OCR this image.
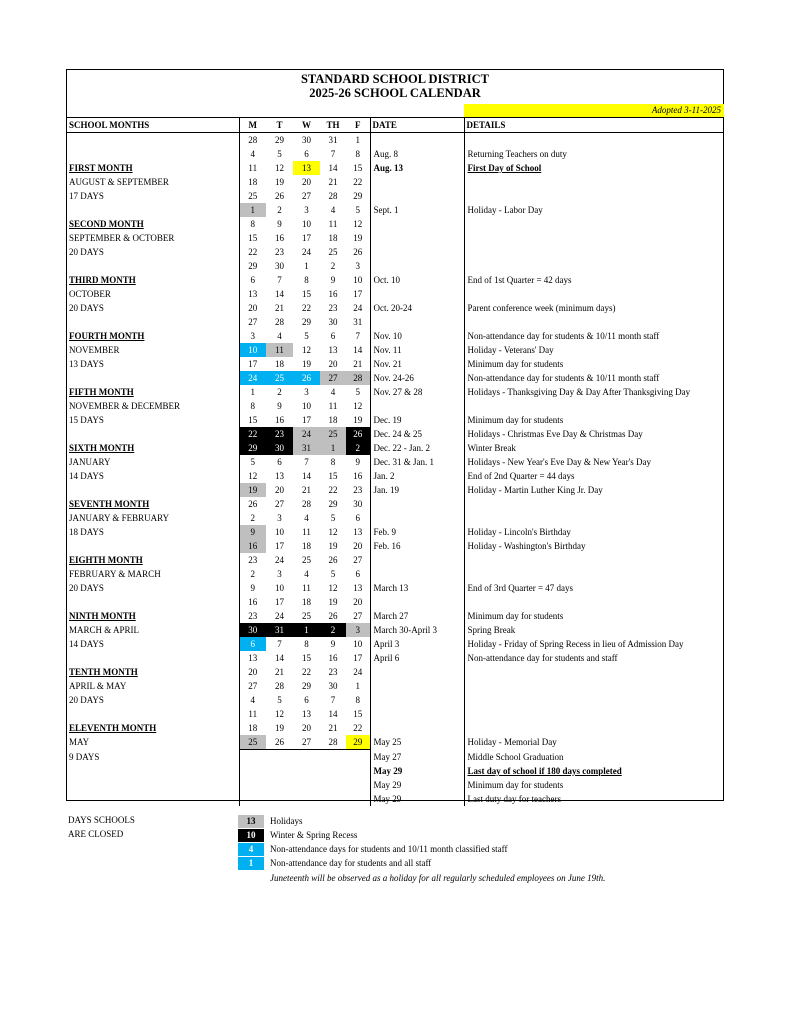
STANDARD SCHOOL DISTRICT
2025-26 SCHOOL CALENDAR
Adopted 3-11-2025
SCHOOL MONTHS	M	T	W	TH	F	DATE	DETAILS
	28	29	30	31	1		
	4	5	6	7	8	Aug. 8	Returning Teachers on duty
FIRST MONTH	11	12	13	14	15	Aug. 13	First Day of School
AUGUST & SEPTEMBER	18	19	20	21	22		
17 DAYS	25	26	27	28	29		
	1	2	3	4	5	Sept. 1	Holiday - Labor Day
SECOND MONTH	8	9	10	11	12		
SEPTEMBER & OCTOBER	15	16	17	18	19		
20 DAYS	22	23	24	25	26		
	29	30	1	2	3		
THIRD MONTH	6	7	8	9	10	Oct. 10	End of 1st Quarter = 42 days
OCTOBER	13	14	15	16	17		
20 DAYS	20	21	22	23	24	Oct. 20-24	Parent conference week (minimum days)
	27	28	29	30	31		
FOURTH MONTH	3	4	5	6	7	Nov. 10	Non-attendance day for students & 10/11 month staff
NOVEMBER	10	11	12	13	14	Nov. 11	Holiday - Veterans' Day
13 DAYS	17	18	19	20	21	Nov. 21	Minimum day for students
	24	25	26	27	28	Nov. 24-26	Non-attendance day for students & 10/11 month staff
FIFTH MONTH	1	2	3	4	5	Nov. 27 & 28	Holidays - Thanksgiving Day & Day After Thanksgiving Day
NOVEMBER & DECEMBER	8	9	10	11	12		
15 DAYS	15	16	17	18	19	Dec. 19	Minimum day for students
	22	23	24	25	26	Dec. 24 & 25	Holidays - Christmas Eve Day & Christmas Day
SIXTH MONTH	29	30	31	1	2	Dec. 22 - Jan. 2	Winter Break
JANUARY	5	6	7	8	9	Dec. 31 & Jan. 1	Holidays - New Year's Eve Day & New Year's Day
14 DAYS	12	13	14	15	16	Jan. 2	End of 2nd Quarter = 44 days
	19	20	21	22	23	Jan. 19	Holiday - Martin Luther King Jr. Day
SEVENTH MONTH	26	27	28	29	30		
JANUARY & FEBRUARY	2	3	4	5	6		
18 DAYS	9	10	11	12	13	Feb. 9	Holiday - Lincoln's Birthday
	16	17	18	19	20	Feb. 16	Holiday - Washington's Birthday
EIGHTH MONTH	23	24	25	26	27		
FEBRUARY & MARCH	2	3	4	5	6		
20 DAYS	9	10	11	12	13	March 13	End of 3rd Quarter = 47 days
	16	17	18	19	20		
NINTH MONTH	23	24	25	26	27	March 27	Minimum day for students
MARCH & APRIL	30	31	1	2	3	March 30-April 3	Spring Break
14 DAYS	6	7	8	9	10	April 3	Holiday - Friday of Spring Recess in lieu of Admission Day
	13	14	15	16	17	April 6	Non-attendance day for students and staff
TENTH MONTH	20	21	22	23	24		
APRIL & MAY	27	28	29	30	1		
20 DAYS	4	5	6	7	8		
	11	12	13	14	15		
ELEVENTH MONTH	18	19	20	21	22		
MAY	25	26	27	28	29	May 25	Holiday - Memorial Day
9 DAYS						May 27	Middle School Graduation
						May 29	Last day of school if 180 days completed
						May 29	Minimum day for students
						May 29	Last duty day for teachers
DAYS SCHOOLS
ARE CLOSED
13	Holidays
10	Winter & Spring Recess
4	Non-attendance days for students and 10/11 month classified staff
1	Non-attendance day for students and all staff
Juneteenth will be observed as a holiday for all regularly scheduled employees on June 19th.
